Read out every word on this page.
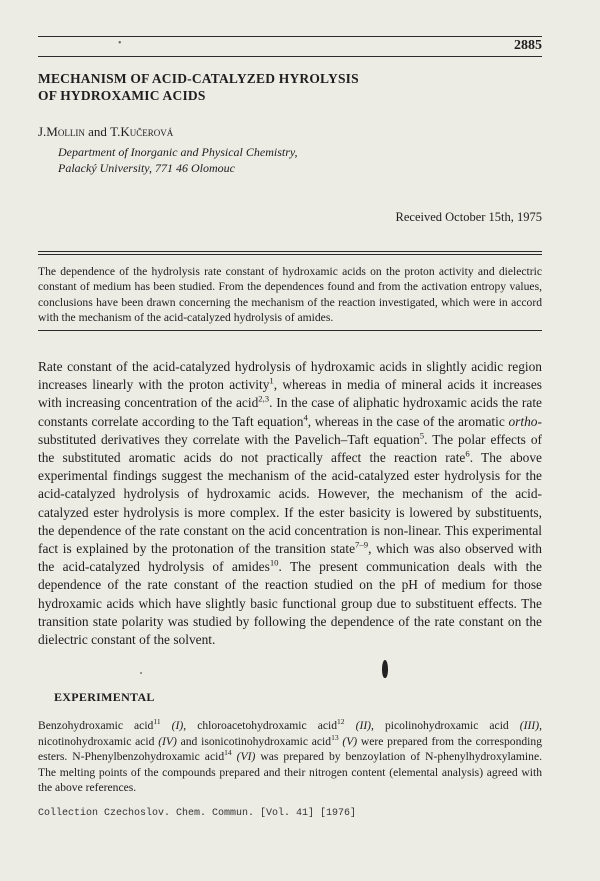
•	2885
MECHANISM OF ACID-CATALYZED HYROLYSIS
OF HYDROXAMIC ACIDS
J.Mollin and T.Kučerová
Department of Inorganic and Physical Chemistry,
Palacký University, 771 46 Olomouc
Received October 15th, 1975
The dependence of the hydrolysis rate constant of hydroxamic acids on the proton activity and dielectric constant of medium has been studied. From the dependences found and from the activation entropy values, conclusions have been drawn concerning the mechanism of the reaction investigated, which were in accord with the mechanism of the acid-catalyzed hydrolysis of amides.
Rate constant of the acid-catalyzed hydrolysis of hydroxamic acids in slightly acidic region increases linearly with the proton activity$^1$, whereas in media of mineral acids it increases with increasing concentration of the acid$^{2,3}$. In the case of aliphatic hydroxamic acids the rate constants correlate according to the Taft equation$^4$, whereas in the case of the aromatic ortho-substituted derivatives they correlate with the Pavelich–Taft equation$^5$. The polar effects of the substituted aromatic acids do not practically affect the reaction rate$^6$. The above experimental findings suggest the mechanism of the acid-catalyzed ester hydrolysis for the acid-catalyzed hydrolysis of hydroxamic acids. However, the mechanism of the acid-catalyzed ester hydrolysis is more complex. If the ester basicity is lowered by substituents, the dependence of the rate constant on the acid concentration is non-linear. This experimental fact is explained by the protonation of the transition state$^{7-9}$, which was also observed with the acid-catalyzed hydrolysis of amides$^{10}$. The present communication deals with the dependence of the rate constant of the reaction studied on the pH of medium for those hydroxamic acids which have slightly basic functional group due to substituent effects. The transition state polarity was studied by following the dependence of the rate constant on the dielectric constant of the solvent.
EXPERIMENTAL
Benzohydroxamic acid$^{11}$ (I), chloroacetohydroxamic acid$^{12}$ (II), picolinohydroxamic acid (III), nicotinohydroxamic acid (IV) and isonicotinohydroxamic acid$^{13}$ (V) were prepared from the corresponding esters. N-Phenylbenzohydroxamic acid$^{14}$ (VI) was prepared by benzoylation of N-phenylhydroxylamine. The melting points of the compounds prepared and their nitrogen content (elemental analysis) agreed with the above references.
Collection Czechoslov. Chem. Commun. [Vol. 41] [1976]
